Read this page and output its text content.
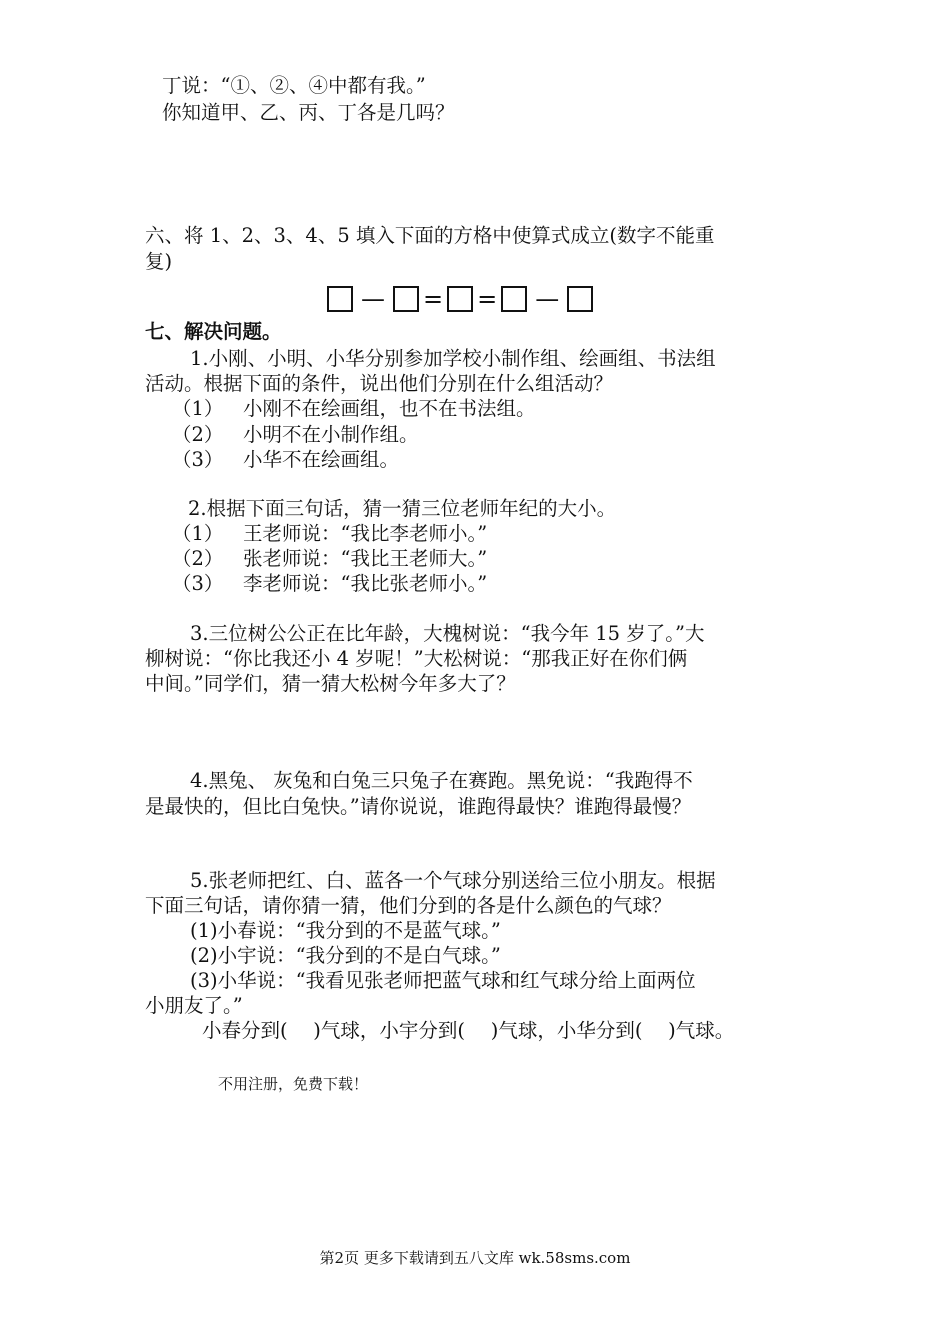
丁说：“①、②、④中都有我。”
你知道甲、乙、丙、丁各是几吗？
六、将 1、2、3、4、5 填入下面的方格中使算式成立(数字不能重
复)
—	= =	—
七、解决问题。
1.小刚、小明、小华分别参加学校小制作组、绘画组、书法组
活动。根据下面的条件，说出他们分别在什么组活动？
（1） 小刚不在绘画组，也不在书法组。
（2） 小明不在小制作组。
（3） 小华不在绘画组。
2.根据下面三句话，猜一猜三位老师年纪的大小。
（1） 王老师说：“我比李老师小。”
（2） 张老师说：“我比王老师大。”
（3） 李老师说：“我比张老师小。”
3.三位树公公正在比年龄，大槐树说：“我今年 15 岁了。”大
柳树说：“你比我还小 4 岁呢！”大松树说：“那我正好在你们俩
中间。”同学们，猜一猜大松树今年多大了？
4.黑兔、 灰兔和白兔三只兔子在赛跑。黑免说：“我跑得不
是最快的，但比白兔快。”请你说说，谁跑得最快？谁跑得最慢？
5.张老师把红、白、蓝各一个气球分别送给三位小朋友。根据
下面三句话，请你猜一猜，他们分到的各是什么颜色的气球？
(1)小春说：“我分到的不是蓝气球。”
(2)小宇说：“我分到的不是白气球。”
(3)小华说：“我看见张老师把蓝气球和红气球分给上面两位
小朋友了。”
小春分到(　 )气球，小宇分到(　 )气球，小华分到(　 )气球。
不用注册，免费下载！
第2页 更多下载请到五八文库 wk.58sms.com
